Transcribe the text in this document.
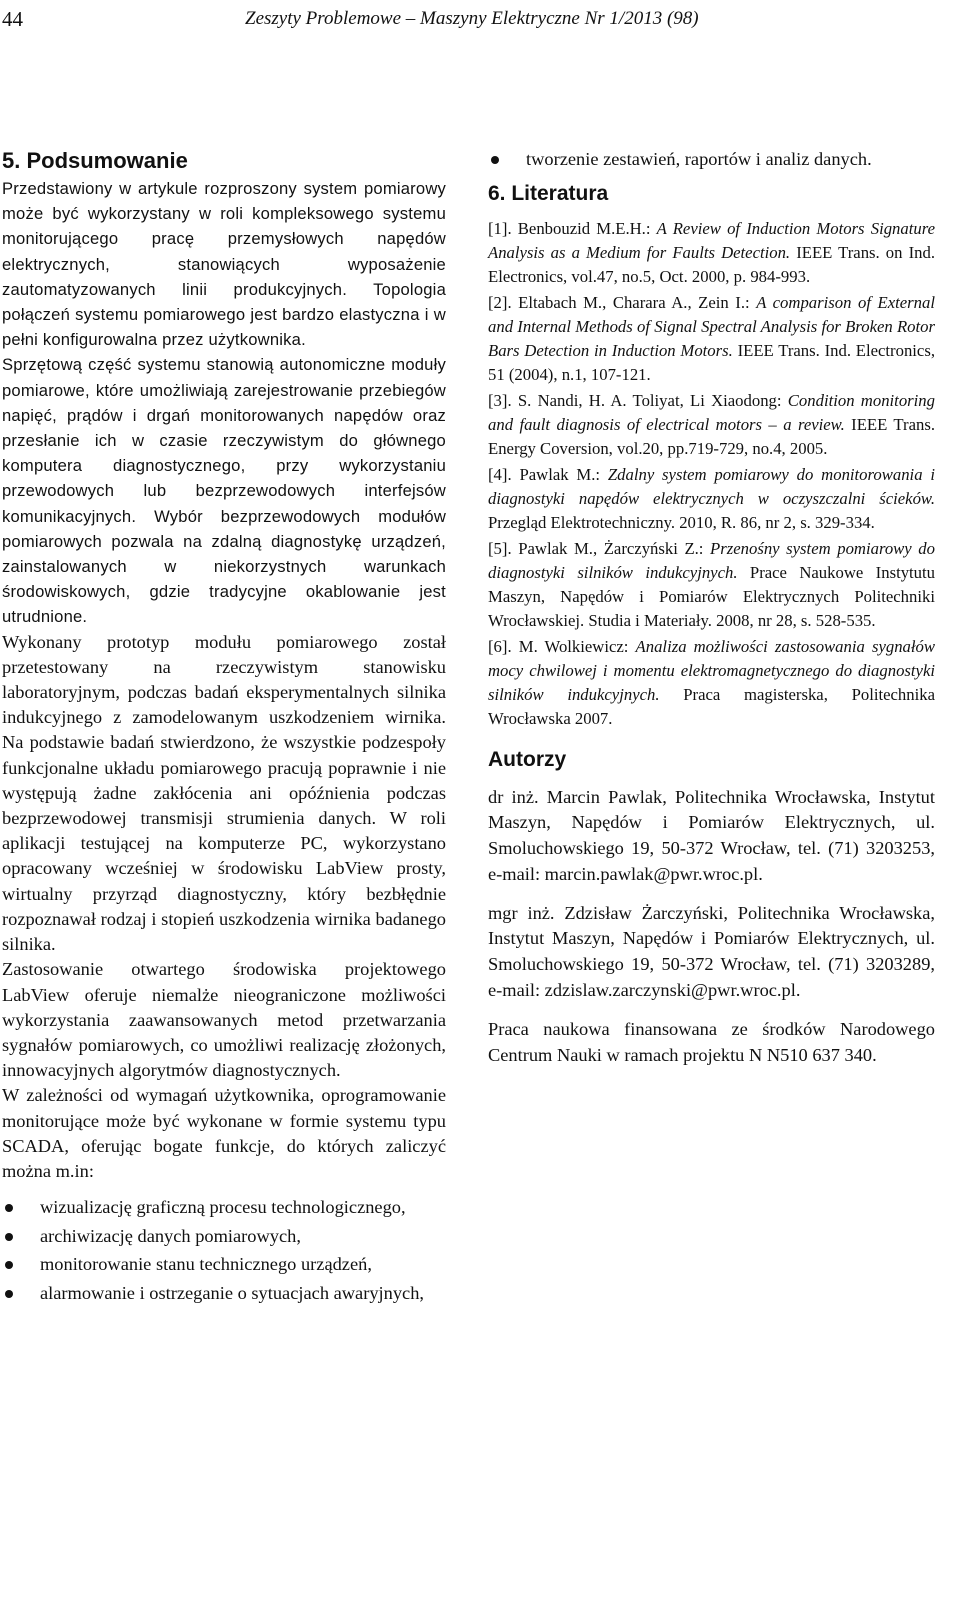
44	Zeszyty Problemowe – Maszyny Elektryczne Nr 1/2013 (98)
5. Podsumowanie

Przedstawiony w artykule rozproszony system pomiarowy może być wykorzystany w roli kompleksowego systemu monitorującego pracę przemysłowych napędów elektrycznych, stanowiących wyposażenie zautomatyzowanych linii produkcyjnych. Topologia połączeń systemu pomiarowego jest bardzo elastyczna i w pełni konfigurowalna przez użytkownika.

Sprzętową część systemu stanowią autonomiczne moduły pomiarowe, które umożliwiają zarejestrowanie przebiegów napięć, prądów i drgań monitorowanych napędów oraz przesłanie ich w czasie rzeczywistym do głównego komputera diagnostycznego, przy wykorzystaniu przewodowych lub bezprzewodowych interfejsów komunikacyjnych. Wybór bezprzewodowych modułów pomiarowych pozwala na zdalną diagnostykę urządzeń, zainstalowanych w niekorzystnych warunkach środowiskowych, gdzie tradycyjne okablowanie jest utrudnione.

Wykonany prototyp modułu pomiarowego został przetestowany na rzeczywistym stanowisku laboratoryjnym, podczas badań eksperymentalnych silnika indukcyjnego z zamodelowanym uszkodzeniem wirnika. Na podstawie badań stwierdzono, że wszystkie podzespoły funkcjonalne układu pomiarowego pracują poprawnie i nie występują żadne zakłócenia ani opóźnienia podczas bezprzewodowej transmisji strumienia danych. W roli aplikacji testującej na komputerze PC, wykorzystano opracowany wcześniej w środowisku LabView prosty, wirtualny przyrząd diagnostyczny, który bezbłędnie rozpoznawał rodzaj i stopień uszkodzenia wirnika badanego silnika.

Zastosowanie otwartego środowiska projektowego LabView oferuje niemalże nieograniczone możliwości wykorzystania zaawansowanych metod przetwarzania sygnałów pomiarowych, co umożliwi realizację złożonych, innowacyjnych algorytmów diagnostycznych.

W zależności od wymagań użytkownika, oprogramowanie monitorujące może być wykonane w formie systemu typu SCADA, oferując bogate funkcje, do których zaliczyć można m.in:

wizualizację graficzną procesu technologicznego,
archiwizację danych pomiarowych,
monitorowanie stanu technicznego urządzeń,
alarmowanie i ostrzeganie o sytuacjach awaryjnych,
tworzenie zestawień, raportów i analiz danych.
6. Literatura

[1]. Benbouzid M.E.H.: A Review of Induction Motors Signature Analysis as a Medium for Faults Detection. IEEE Trans. on Ind. Electronics, vol.47, no.5, Oct. 2000, p. 984-993.

[2]. Eltabach M., Charara A., Zein I.: A comparison of External and Internal Methods of Signal Spectral Analysis for Broken Rotor Bars Detection in Induction Motors. IEEE Trans. Ind. Electronics, 51 (2004), n.1, 107-121.

[3]. S. Nandi, H. A. Toliyat, Li Xiaodong: Condition monitoring and fault diagnosis of electrical motors – a review. IEEE Trans. Energy Coversion, vol.20, pp.719-729, no.4, 2005.

[4]. Pawlak M.: Zdalny system pomiarowy do monitorowania i diagnostyki napędów elektrycznych w oczyszczalni ścieków. Przegląd Elektrotechniczny. 2010, R. 86, nr 2, s. 329-334.

[5]. Pawlak M., Żarczyński Z.: Przenośny system pomiarowy do diagnostyki silników indukcyjnych. Prace Naukowe Instytutu Maszyn, Napędów i Pomiarów Elektrycznych Politechniki Wrocławskiej. Studia i Materiały. 2008, nr 28, s. 528-535.

[6]. M. Wolkiewicz: Analiza możliwości zastosowania sygnałów mocy chwilowej i momentu elektromagnetycznego do diagnostyki silników indukcyjnych. Praca magisterska, Politechnika Wrocławska 2007.

Autorzy

dr inż. Marcin Pawlak, Politechnika Wrocławska, Instytut Maszyn, Napędów i Pomiarów Elektrycznych, ul. Smoluchowskiego 19, 50-372 Wrocław, tel. (71) 3203253, e-mail: marcin.pawlak@pwr.wroc.pl.

mgr inż. Zdzisław Żarczyński, Politechnika Wrocławska, Instytut Maszyn, Napędów i Pomiarów Elektrycznych, ul. Smoluchowskiego 19, 50-372 Wrocław, tel. (71) 3203289, e-mail: zdzislaw.zarczynski@pwr.wroc.pl.

Praca naukowa finansowana ze środków Narodowego Centrum Nauki w ramach projektu N N510 637 340.
